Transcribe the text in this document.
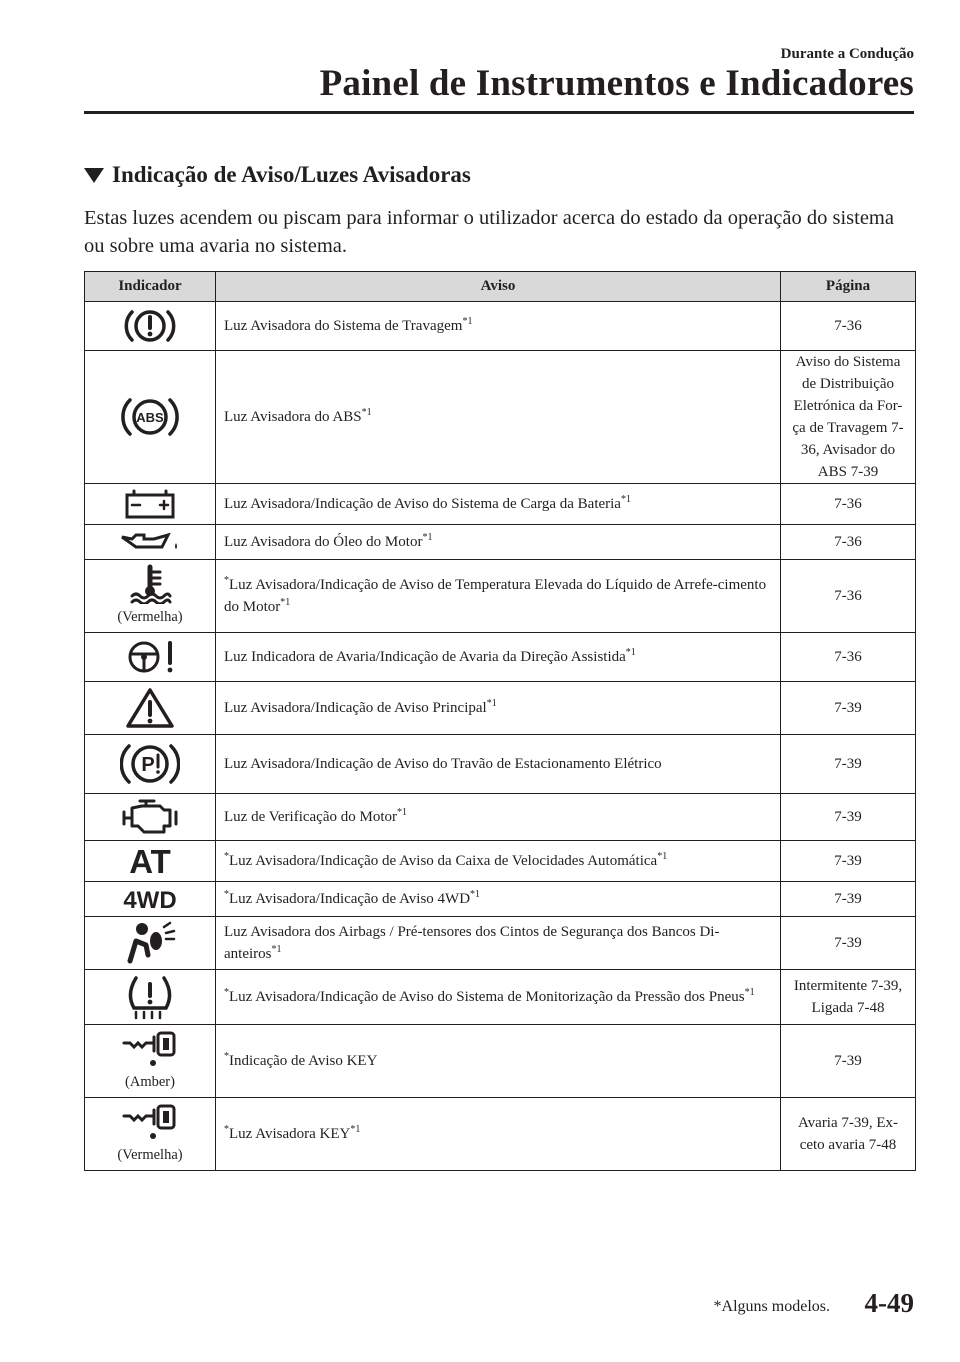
Durante a Condução
Painel de Instrumentos e Indicadores
Indicação de Aviso/Luzes Avisadoras
Estas luzes acendem ou piscam para informar o utilizador acerca do estado da operação do sistema ou sobre uma avaria no sistema.
Indicador	Aviso	Página
	Luz Avisadora do Sistema de Travagem$^{*1}$	7-36

ABS	Luz Avisadora do ABS$^{*1}$	Aviso do Sistema de Distribuição Eletrónica da For-ça de Travagem 7-36, Avisador do ABS 7-39
	Luz Avisadora/Indicação de Aviso do Sistema de Carga da Bateria$^{*1}$	7-36
	Luz Avisadora do Óleo do Motor$^{*1}$	7-36

(Vermelha)	*Luz Avisadora/Indicação de Aviso de Temperatura Elevada do Líquido de Arrefe-cimento do Motor$^{*1}$	7-36
	Luz Indicadora de Avaria/Indicação de Avaria da Direção Assistida$^{*1}$	7-36
	Luz Avisadora/Indicação de Aviso Principal$^{*1}$	7-39

P	Luz Avisadora/Indicação de Aviso do Travão de Estacionamento Elétrico	7-39
	Luz de Verificação do Motor$^{*1}$	7-39

AT	*Luz Avisadora/Indicação de Aviso da Caixa de Velocidades Automática$^{*1}$	7-39

4WD	*Luz Avisadora/Indicação de Aviso 4WD$^{*1}$	7-39
	Luz Avisadora dos Airbags / Pré-tensores dos Cintos de Segurança dos Bancos Di-anteiros$^{*1}$	7-39
	*Luz Avisadora/Indicação de Aviso do Sistema de Monitorização da Pressão dos Pneus$^{*1}$	Intermitente 7-39, Ligada 7-48

(Amber)	*Indicação de Aviso KEY	7-39

(Vermelha)	*Luz Avisadora KEY$^{*1}$	Avaria 7-39, Ex-ceto avaria 7-48
*Alguns modelos. 4-49
